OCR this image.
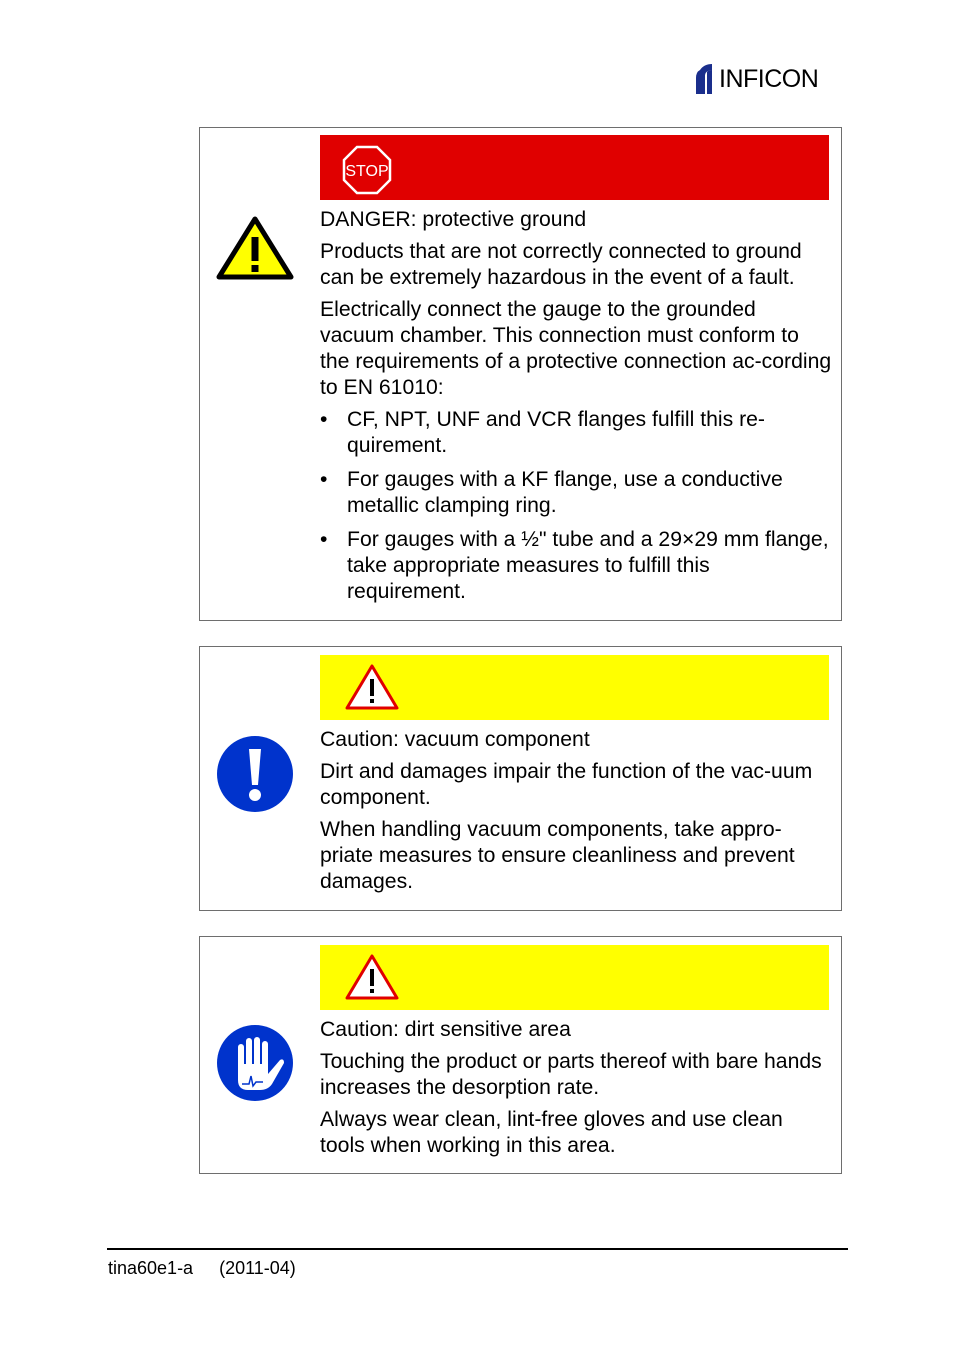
INFICON
STOP

DANGER: protective ground

Products that are not correctly connected to ground can be extremely hazardous in the event of a fault.

Electrically connect the gauge to the grounded vacuum chamber. This connection must conform to the requirements of a protective connection ac-cording to EN 61010:

• CF, NPT, UNF and VCR flanges fulfill this re-quirement.
• For gauges with a KF flange, use a conductive metallic clamping ring.
• For gauges with a ½" tube and a 29×29 mm flange, take appropriate measures to fulfill this requirement.

Caution: vacuum component

Dirt and damages impair the function of the vac-uum component.

When handling vacuum components, take appro-priate measures to ensure cleanliness and prevent damages.

Caution: dirt sensitive area

Touching the product or parts thereof with bare hands increases the desorption rate.

Always wear clean, lint-free gloves and use clean tools when working in this area.

tina60e1-a (2011-04)
